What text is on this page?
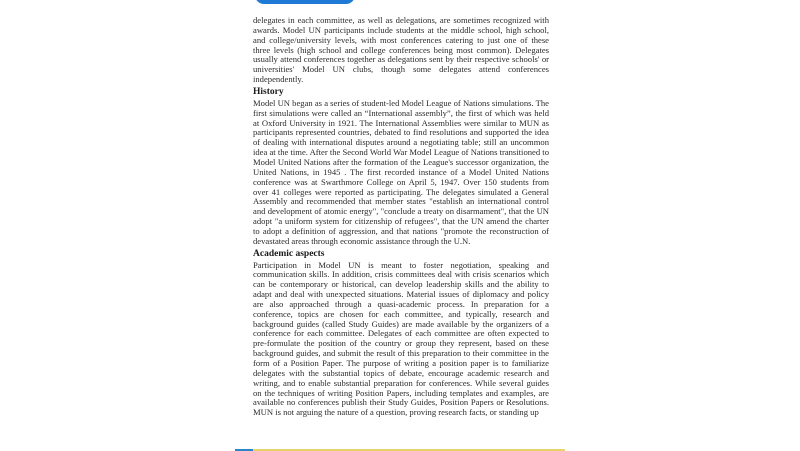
delegates in each committee, as well as delegations, are sometimes recognized with awards. Model UN participants include students at the middle school, high school, and college/university levels, with most conferences catering to just one of these three levels (high school and college conferences being most common). Delegates usually attend conferences together as delegations sent by their respective schools' or universities' Model UN clubs, though some delegates attend conferences independently.

History

Model UN began as a series of student-led Model League of Nations simulations. The first simulations were called an “International assembly”, the first of which was held at Oxford University in 1921. The International Assemblies were similar to MUN as participants represented countries, debated to find resolutions and supported the idea of dealing with international disputes around a negotiating table; still an uncommon idea at the time. After the Second World War Model League of Nations transitioned to Model United Nations after the formation of the League's successor organization, the United Nations, in 1945 . The first recorded instance of a Model United Nations conference was at Swarthmore College on April 5, 1947. Over 150 students from over 41 colleges were reported as participating. The delegates simulated a General Assembly and recommended that member states "establish an international control and development of atomic energy", "conclude a treaty on disarmament", that the UN adopt "a uniform system for citizenship of refugees", that the UN amend the charter to adopt a definition of aggression, and that nations "promote the reconstruction of devastated areas through economic assistance through the U.N.

Academic aspects

Participation in Model UN is meant to foster negotiation, speaking and communication skills. In addition, crisis committees deal with crisis scenarios which can be contemporary or historical, can develop leadership skills and the ability to adapt and deal with unexpected situations. Material issues of diplomacy and policy are also approached through a quasi-academic process. In preparation for a conference, topics are chosen for each committee, and typically, research and background guides (called Study Guides) are made available by the organizers of a conference for each committee. Delegates of each committee are often expected to pre-formulate the position of the country or group they represent, based on these background guides, and submit the result of this preparation to their committee in the form of a Position Paper. The purpose of writing a position paper is to familiarize delegates with the substantial topics of debate, encourage academic research and writing, and to enable substantial preparation for conferences. While several guides on the techniques of writing Position Papers, including templates and examples, are available no conferences publish their Study Guides, Position Papers or Resolutions. MUN is not arguing the nature of a question, proving research facts, or standing up
